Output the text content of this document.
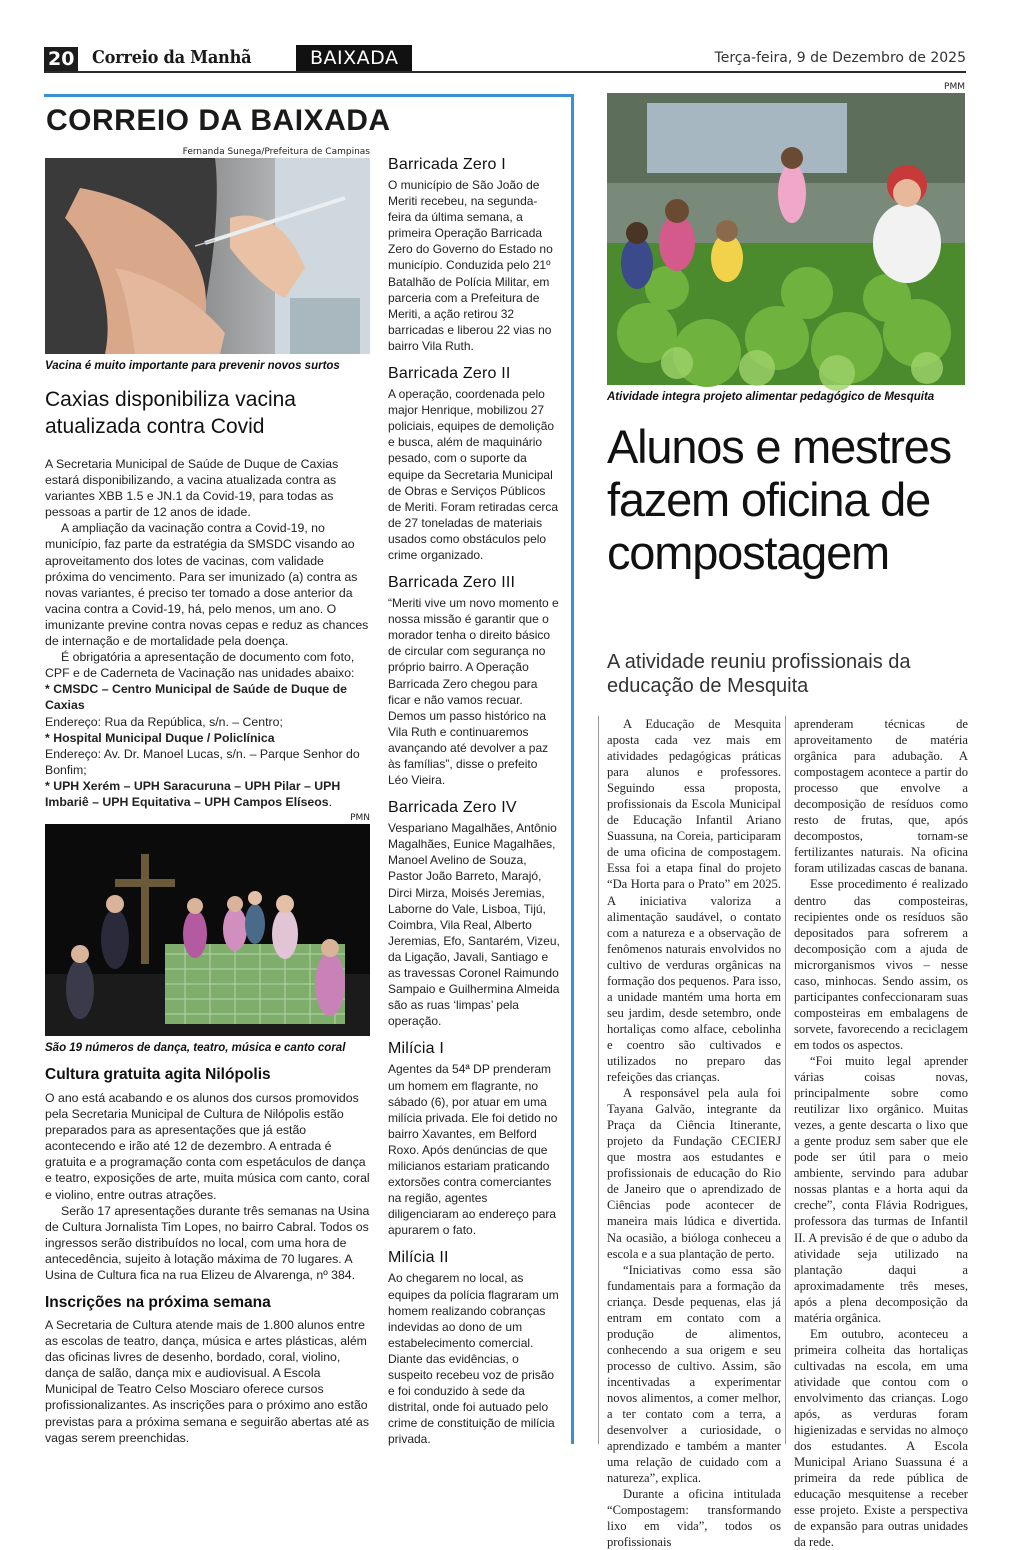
20 Correio da Manhã	BAIXADA	Terça-feira, 9 de Dezembro de 2025
CORREIO DA BAIXADA
Fernanda Sunega/Prefeitura de Campinas
Vacina é muito importante para prevenir novos surtos
Caxias disponibiliza vacina atualizada contra Covid

A Secretaria Municipal de Saúde de Duque de Caxias estará disponibilizando, a vacina atualizada contra as variantes XBB 1.5 e JN.1 da Covid-19, para todas as pessoas a partir de 12 anos de idade.

A ampliação da vacinação contra a Covid-19, no município, faz parte da estratégia da SMSDC visando ao aproveitamento dos lotes de vacinas, com validade próxima do vencimento. Para ser imunizado (a) contra as novas variantes, é preciso ter tomado a dose anterior da vacina contra a Covid-19, há, pelo menos, um ano. O imunizante previne contra novas cepas e reduz as chances de internação e de mortalidade pela doença.

É obrigatória a apresentação de documento com foto, CPF e de Caderneta de Vacinação nas unidades abaixo:

* CMSDC – Centro Municipal de Saúde de Duque de Caxias

Endereço: Rua da República, s/n. – Centro;

* Hospital Municipal Duque / Policlínica

Endereço: Av. Dr. Manoel Lucas, s/n. – Parque Senhor do Bonfim;

* UPH Xerém – UPH Saracuruna – UPH Pilar – UPH Imbariê – UPH Equitativa – UPH Campos Elíseos.

PMN
São 19 números de dança, teatro, música e canto coral
Cultura gratuita agita Nilópolis

O ano está acabando e os alunos dos cursos promovidos pela Secretaria Municipal de Cultura de Nilópolis estão preparados para as apresentações que já estão acontecendo e irão até 12 de dezembro. A entrada é gratuita e a programação conta com espetáculos de dança e teatro, exposições de arte, muita música com canto, coral e violino, entre outras atrações.

Serão 17 apresentações durante três semanas na Usina de Cultura Jornalista Tim Lopes, no bairro Cabral. Todos os ingressos serão distribuídos no local, com uma hora de antecedência, sujeito à lotação máxima de 70 lugares. A Usina de Cultura fica na rua Elizeu de Alvarenga, nº 384.

Inscrições na próxima semana

A Secretaria de Cultura atende mais de 1.800 alunos entre as escolas de teatro, dança, música e artes plásticas, além das oficinas livres de desenho, bordado, coral, violino, dança de salão, dança mix e audiovisual. A Escola Municipal de Teatro Celso Mosciaro oferece cursos profissionalizantes. As inscrições para o próximo ano estão previstas para a próxima semana e seguirão abertas até as vagas serem preenchidas.

Barricada Zero I
O município de São João de Meriti recebeu, na segunda-feira da última semana, a primeira Operação Barricada Zero do Governo do Estado no município. Conduzida pelo 21º Batalhão de Polícia Militar, em parceria com a Prefeitura de Meriti, a ação retirou 32 barricadas e liberou 22 vias no bairro Vila Ruth.
Barricada Zero II
A operação, coordenada pelo major Henrique, mobilizou 27 policiais, equipes de demolição e busca, além de maquinário pesado, com o suporte da equipe da Secretaria Municipal de Obras e Serviços Públicos de Meriti. Foram retiradas cerca de 27 toneladas de materiais usados como obstáculos pelo crime organizado.
Barricada Zero III
“Meriti vive um novo momento e nossa missão é garantir que o morador tenha o direito básico de circular com segurança no próprio bairro. A Operação Barricada Zero chegou para ficar e não vamos recuar. Demos um passo histórico na Vila Ruth e continuaremos avançando até devolver a paz às famílias”, disse o prefeito Léo Vieira.
Barricada Zero IV
Vesparianо Magalhães, Antônio Magalhães, Eunice Magalhães, Manoel Avelino de Souza, Pastor João Barreto, Marajó, Dirci Mirza, Moisés Jeremias, Laborne do Vale, Lisboa, Tijú, Coimbra, Vila Real, Alberto Jeremias, Efo, Santarém, Vizeu, da Ligação, Javali, Santiago e as travessas Coronel Raimundo Sampaio e Guilhermina Almeida são as ruas ‘limpas’ pela operação.
Milícia I
Agentes da 54ª DP prenderam um homem em flagrante, no sábado (6), por atuar em uma milícia privada. Ele foi detido no bairro Xavantes, em Belford Roxo. Após denúncias de que milicianos estariam praticando extorsões contra comerciantes na região, agentes diligenciaram ao endereço para apurarem o fato.
Milícia II
Ao chegarem no local, as equipes da polícia flagraram um homem realizando cobranças indevidas ao dono de um estabelecimento comercial. Diante das evidências, o suspeito recebeu voz de prisão e foi conduzido à sede da distrital, onde foi autuado pelo crime de constituição de milícia privada.
PMM
Atividade integra projeto alimentar pedagógico de Mesquita
Alunos e mestres fazem oficina de compostagem
A atividade reuniu profissionais da educação de Mesquita

A Educação de Mesquita aposta cada vez mais em atividades pedagógicas práticas para alunos e professores. Seguindo essa proposta, profissionais da Escola Municipal de Educação Infantil Ariano Suassuna, na Coreia, participaram de uma oficina de compostagem. Essa foi a etapa final do projeto “Da Horta para o Prato” em 2025. A iniciativa valoriza a alimentação saudável, o contato com a natureza e a observação de fenômenos naturais envolvidos no cultivo de verduras orgânicas na formação dos pequenos. Para isso, a unidade mantém uma horta em seu jardim, desde setembro, onde hortaliças como alface, cebolinha e coentro são cultivados e utilizados no preparo das refeições das crianças.

A responsável pela aula foi Tayana Galvão, integrante da Praça da Ciência Itinerante, projeto da Fundação CECIERJ que mostra aos estudantes e profissionais de educação do Rio de Janeiro que o aprendizado de Ciências pode acontecer de maneira mais lúdica e divertida. Na ocasião, a bióloga conheceu a escola e a sua plantação de perto.

“Iniciativas como essa são fundamentais para a formação da criança. Desde pequenas, elas já entram em contato com a produção de alimentos, conhecendo a sua origem e seu processo de cultivo. Assim, são incentivadas a experimentar novos alimentos, a comer melhor, a ter contato com a terra, a desenvolver a curiosidade, o aprendizado e também a manter uma relação de cuidado com a natureza”, explica.

Durante a oficina intitulada “Compostagem: transformando lixo em vida”, todos os profissionais

aprenderam técnicas de aproveitamento de matéria orgânica para adubação. A compostagem acontece a partir do processo que envolve a decomposição de resíduos como resto de frutas, que, após decompostos, tornam-se fertilizantes naturais. Na oficina foram utilizadas cascas de banana.

Esse procedimento é realizado dentro das composteiras, recipientes onde os resíduos são depositados para sofrerem a decomposição com a ajuda de microrganismos vivos – nesse caso, minhocas. Sendo assim, os participantes confeccionaram suas composteiras em embalagens de sorvete, favorecendo a reciclagem em todos os aspectos.

“Foi muito legal aprender várias coisas novas, principalmente sobre como reutilizar lixo orgânico. Muitas vezes, a gente descarta o lixo que a gente produz sem saber que ele pode ser útil para o meio ambiente, servindo para adubar nossas plantas e a horta aqui da creche”, conta Flávia Rodrigues, professora das turmas de Infantil II. A previsão é de que o adubo da atividade seja utilizado na plantação daqui a aproximadamente três meses, após a plena decomposição da matéria orgânica.

Em outubro, aconteceu a primeira colheita das hortaliças cultivadas na escola, em uma atividade que contou com o envolvimento das crianças. Logo após, as verduras foram higienizadas e servidas no almoço dos estudantes. A Escola Municipal Ariano Suassuna é a primeira da rede pública de educação mesquitense a receber esse projeto. Existe a perspectiva de expansão para outras unidades da rede.
